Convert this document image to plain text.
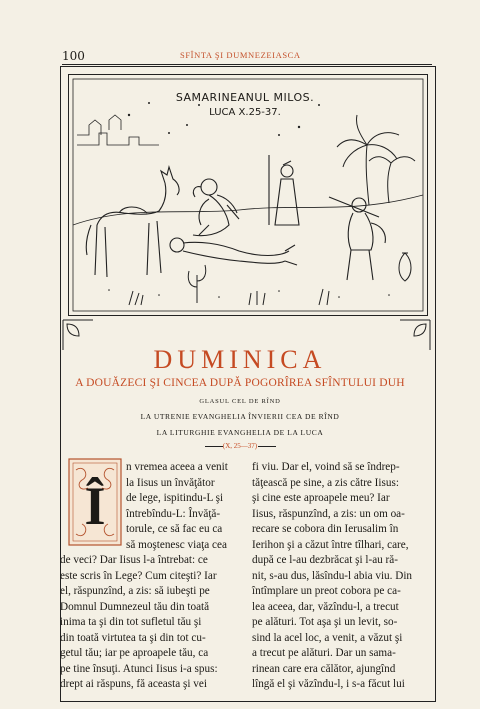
100	SFÎNTA ŞI DUMNEZEIASCA
SAMARINEANUL MILOS.
LUCA X.25-37.
DUMINICA
A DOUĂZECI ŞI CINCEA DUPĂ POGORÎREA SFÎNTULUI DUH
GLASUL CEL DE RÎND
LA UTRENIE EVANGHELIA ÎNVIERII CEA DE RÎND
LA LITURGHIE EVANGHELIA DE LA LUCA
(X, 25—37)
Î
n vremea aceea a venit
la Iisus un învăţător
de lege, ispitindu-L şi
întrebîndu-L: Învăţă-
torule, ce să fac eu ca
să moştenesc viaţa cea
de veci? Dar Iisus l-a întrebat: ce
este scris în Lege? Cum citeşti? Iar
el, răspunzînd, a zis: să iubeşti pe
Domnul Dumnezeul tău din toată
inima ta şi din tot sufletul tău şi
din toată virtutea ta şi din tot cu-
getul tău; iar pe aproapele tău, ca
pe tine însuţi. Atunci Iisus i-a spus:
drept ai răspuns, fă aceasta şi vei
fi viu. Dar el, voind să se îndrep-
tăţească pe sine, a zis către Iisus:
şi cine este aproapele meu? Iar
Iisus, răspunzînd, a zis: un om oa-
recare se cobora din Ierusalim în
Ierihon şi a căzut între tîlhari, care,
după ce l-au dezbrăcat şi l-au ră-
nit, s-au dus, lăsîndu-l abia viu. Din
întîmplare un preot cobora pe ca-
lea aceea, dar, văzîndu-l, a trecut
pe alături. Tot aşa şi un levit, so-
sind la acel loc, a venit, a văzut şi
a trecut pe alături. Dar un sama-
rinean care era călător, ajungînd
lîngă el şi văzîndu-l, i s-a făcut lui
